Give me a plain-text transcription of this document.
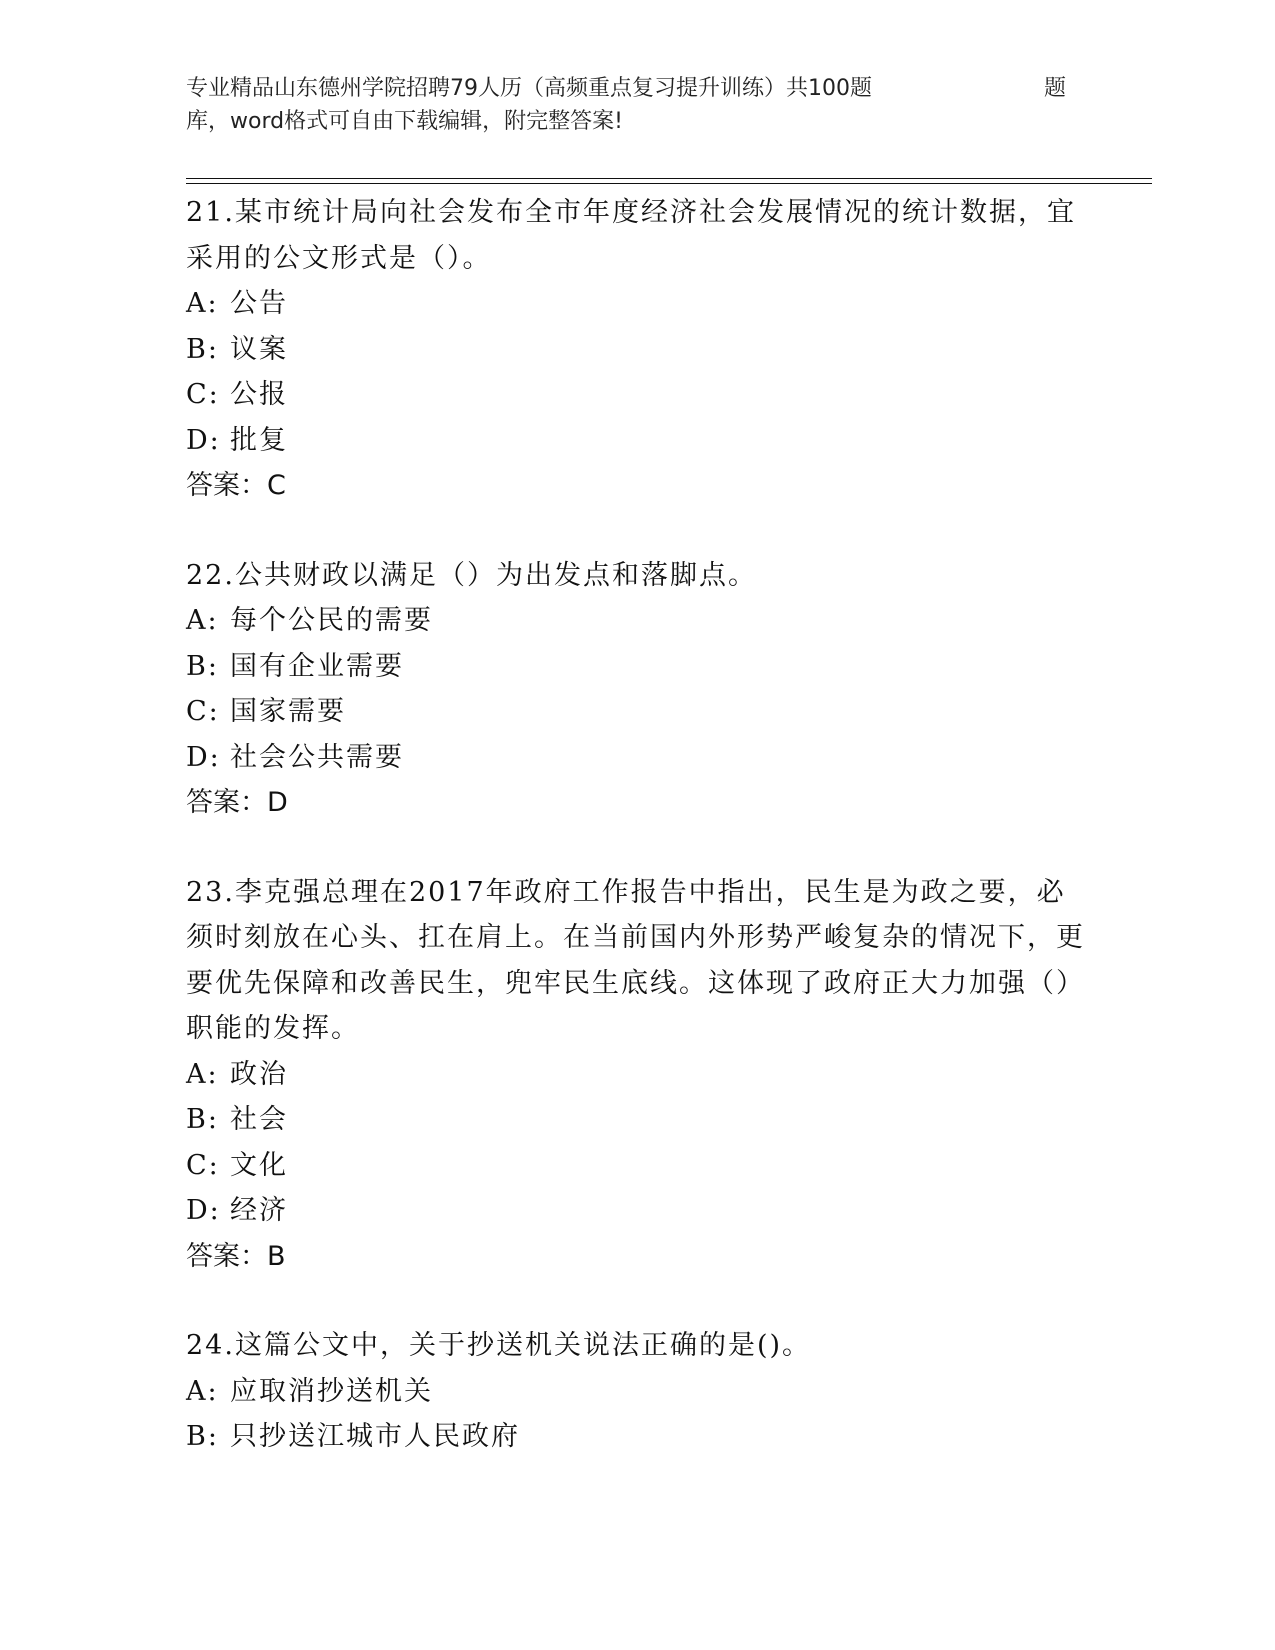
专业精品山东德州学院招聘79人历（高频重点复习提升训练）共100题	题
库，word格式可自由下载编辑，附完整答案!

21.某市统计局向社会发布全市年度经济社会发展情况的统计数据，宜采用的公文形式是（）。

A: 公告

B: 议案

C: 公报

D: 批复

答案：C

22.公共财政以满足（）为出发点和落脚点。

A: 每个公民的需要

B: 国有企业需要

C: 国家需要

D: 社会公共需要

答案：D

23.李克强总理在2017年政府工作报告中指出，民生是为政之要，必须时刻放在心头、扛在肩上。在当前国内外形势严峻复杂的情况下，更要优先保障和改善民生，兜牢民生底线。这体现了政府正大力加强（）职能的发挥。

A: 政治

B: 社会

C: 文化

D: 经济

答案：B

24.这篇公文中，关于抄送机关说法正确的是()。

A: 应取消抄送机关

B: 只抄送江城市人民政府
